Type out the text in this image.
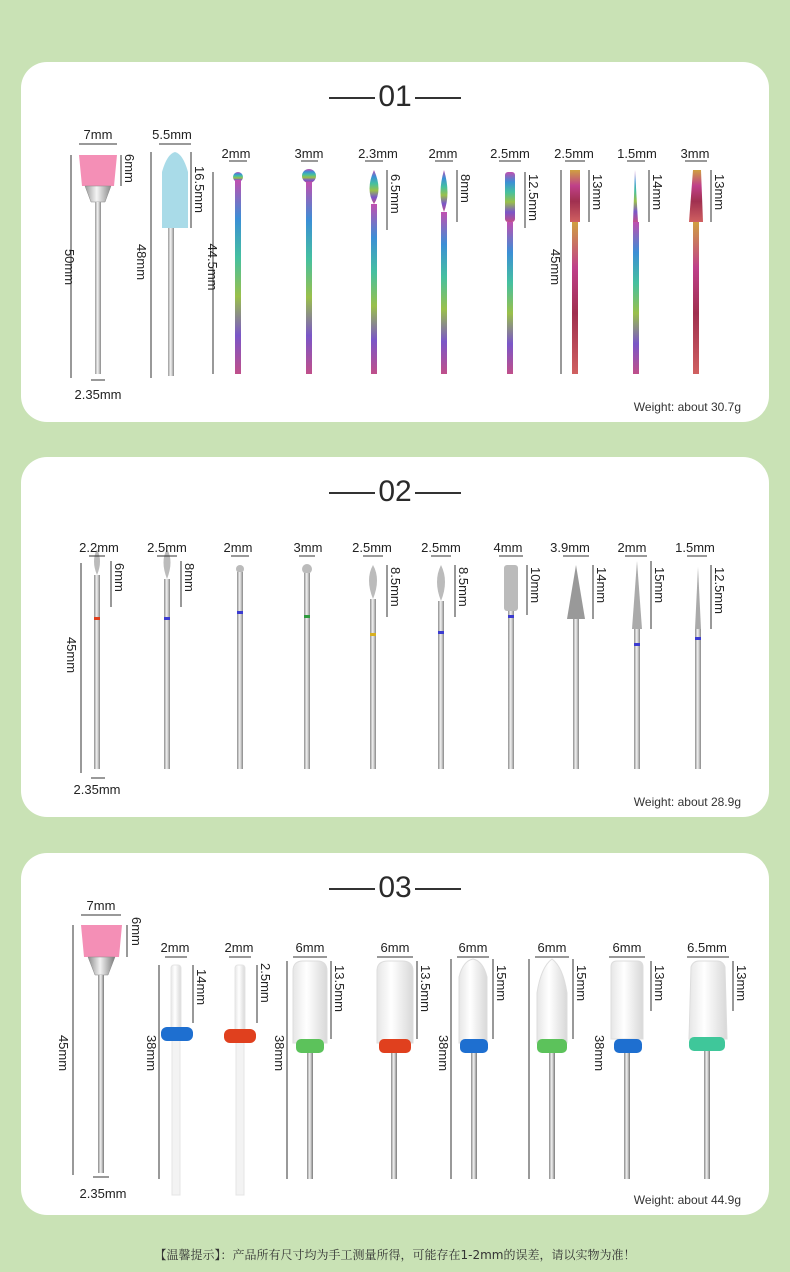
01
7mm
6mm
50mm
2.35mm
5.5mm
16.5mm
48mm
2mm
44.5mm
3mm	2.3mm
6.5mm
2mm
8mm
2.5mm
12.5mm
2.5mm
13mm
45mm
1.5mm
14mm
3mm
13mm
Weight: about 30.7g
02
2.2mm
6mm
45mm
2.35mm
2.5mm
8mm
2mm	3mm 2.5mm
8.5mm
2.5mm
8.5mm
4mm
10mm
3.9mm
14mm
2mm
15mm
1.5mm
12.5mm
Weight: about 28.9g
03
7mm
6mm
45mm
2.35mm
2mm
14mm
38mm
2mm
2.5mm
6mm
13.5mm
38mm
6mm
13.5mm
6mm
15mm
38mm
6mm
15mm
38mm
6mm
13mm
6.5mm
13mm
Weight: about 44.9g
【温馨提示】：产品所有尺寸均为手工测量所得，可能存在1-2mm的误差，请以实物为准！
